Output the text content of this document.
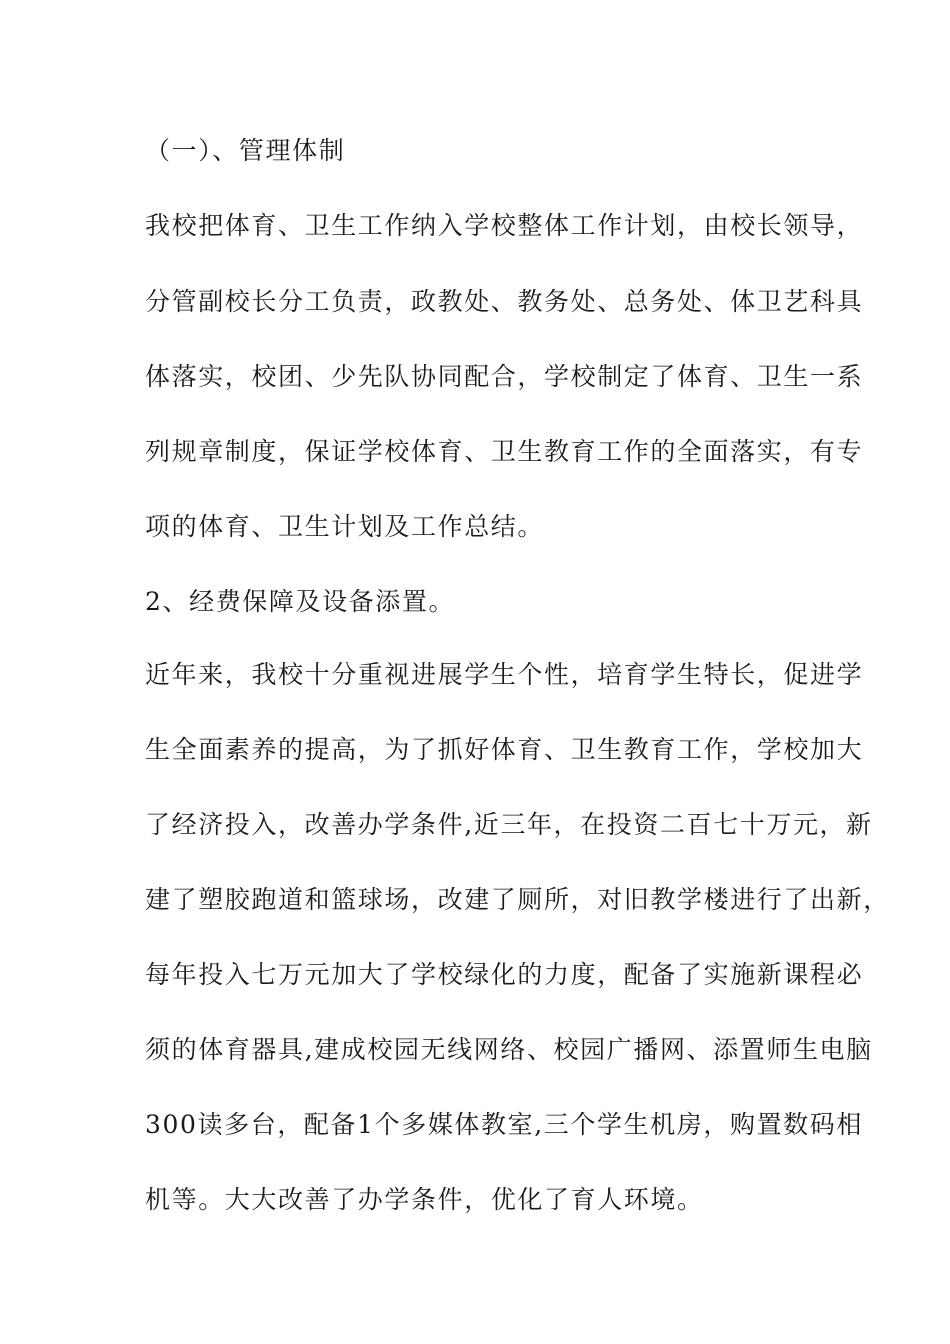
（一）、管理体制
我校把体育、卫生工作纳入学校整体工作计划，由校长领导，
分管副校长分工负责，政教处、教务处、总务处、体卫艺科具
体落实，校团、少先队协同配合，学校制定了体育、卫生一系
列规章制度，保证学校体育、卫生教育工作的全面落实，有专
项的体育、卫生计划及工作总结。
2、经费保障及设备添置。
近年来，我校十分重视进展学生个性，培育学生特长，促进学
生全面素养的提高，为了抓好体育、卫生教育工作，学校加大
了经济投入，改善办学条件,近三年，在投资二百七十万元，新
建了塑胶跑道和篮球场，改建了厕所，对旧教学楼进行了出新，
每年投入七万元加大了学校绿化的力度，配备了实施新课程必
须的体育器具,建成校园无线网络、校园广播网、添置师生电脑
300读多台，配备1个多媒体教室,三个学生机房，购置数码相
机等。大大改善了办学条件，优化了育人环境。
